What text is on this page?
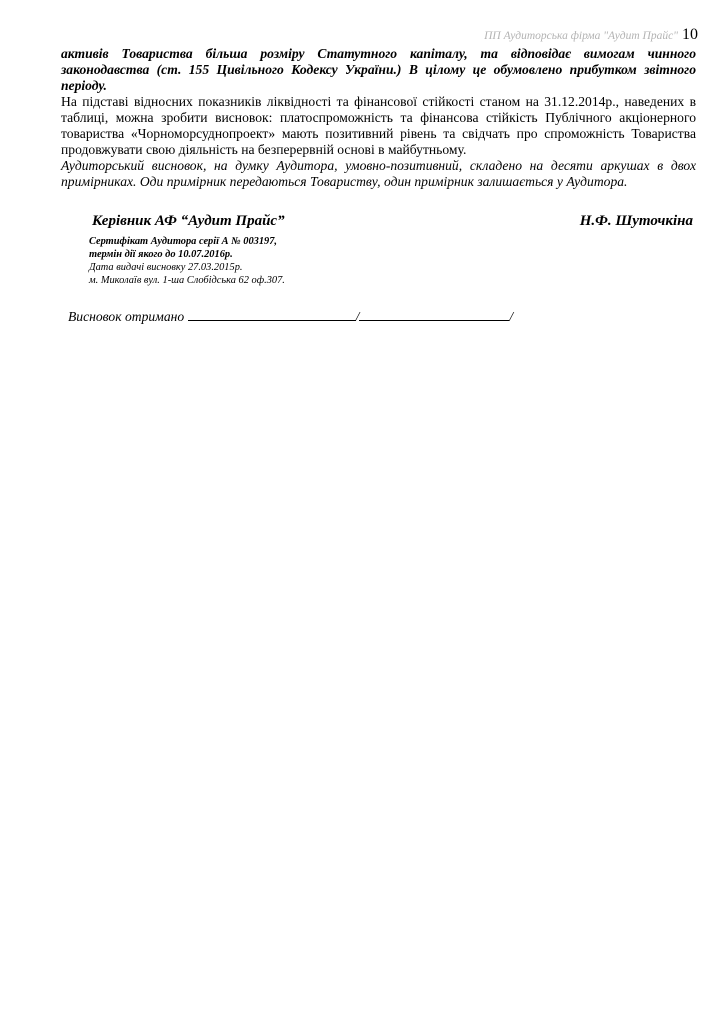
ПП Аудиторська фірма "Аудит Прайс" 10

активів Товариства більша розміру Статутного капіталу, та відповідає вимогам чинного законодавства (ст. 155 Цивільного Кодексу України.) В цілому це обумовлено прибутком звітного періоду.

На підставі відносних показників ліквідності та фінансової стійкості станом на 31.12.2014р., наведених в таблиці, можна зробити висновок: платоспроможність та фінансова стійкість Публічного акціонерного товариства «Чорноморсуднопроект» мають позитивний рівень та свідчать про спроможність Товариства продовжувати свою діяльність на безперервній основі в майбутньому.

Аудиторський висновок, на думку Аудитора, умовно-позитивний, складено на десяти аркушах в двох примірниках. Оди примірник передаються Товариству, один примірник залишається у Аудитора.

Керівник АФ “Аудит Прайс”	Н.Ф. Шуточкіна
Сертифікат Аудитора серії А № 003197,
термін дії якого до 10.07.2016р.
Дата видачі висновку 27.03.2015р.
м. Миколаїв вул. 1-ша Слобідська 62 оф.307.
Висновок отримано	/	/
